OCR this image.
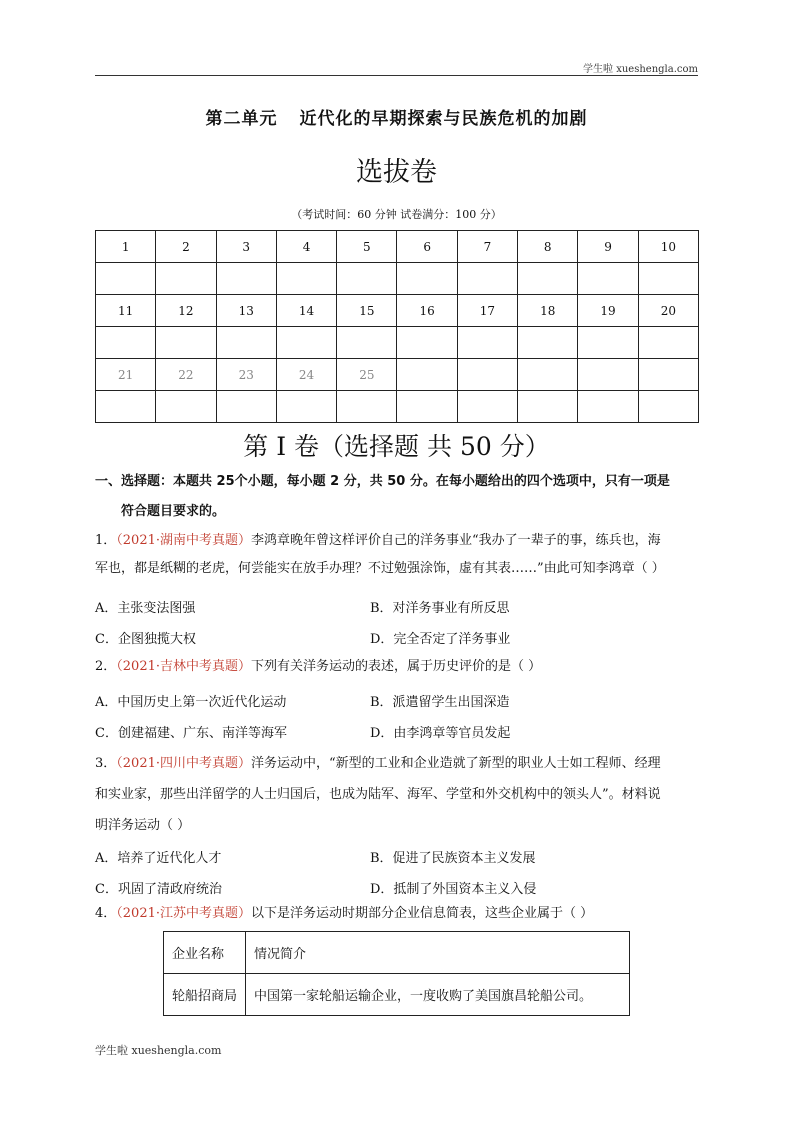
学生啦 xueshengla.com
第二单元 近代化的早期探索与民族危机的加剧
选拔卷
（考试时间：60 分钟 试卷满分：100 分）
1	2	3	4	5	6	7	8	9	10

11	12	13	14	15	16	17	18	19	20

21	22	23	24	25					

第 I 卷（选择题 共 50 分）
一、选择题：本题共 25个小题，每小题 2 分，共 50 分。在每小题给出的四个选项中，只有一项是
符合题目要求的。
1．（2021·湖南中考真题）李鸿章晚年曾这样评价自己的洋务事业“我办了一辈子的事，练兵也，海
军也，都是纸糊的老虎，何尝能实在放手办理？不过勉强涂饰，虚有其表……”由此可知李鸿章（ ）
A．主张变法图强	B．对洋务事业有所反思
C．企图独揽大权	D．完全否定了洋务事业
2．（2021·吉林中考真题）下列有关洋务运动的表述，属于历史评价的是（ ）
A．中国历史上第一次近代化运动	B．派遣留学生出国深造
C．创建福建、广东、南洋等海军	D．由李鸿章等官员发起
3．（2021·四川中考真题）洋务运动中，“新型的工业和企业造就了新型的职业人士如工程师、经理
和实业家，那些出洋留学的人士归国后，也成为陆军、海军、学堂和外交机构中的领头人”。材料说
明洋务运动（ ）
A．培养了近代化人才	B．促进了民族资本主义发展
C．巩固了清政府统治	D．抵制了外国资本主义入侵
4．（2021·江苏中考真题）以下是洋务运动时期部分企业信息简表，这些企业属于（ ）
企业名称	情况简介
轮船招商局	中国第一家轮船运输企业，一度收购了美国旗昌轮船公司。
学生啦 xueshengla.com
